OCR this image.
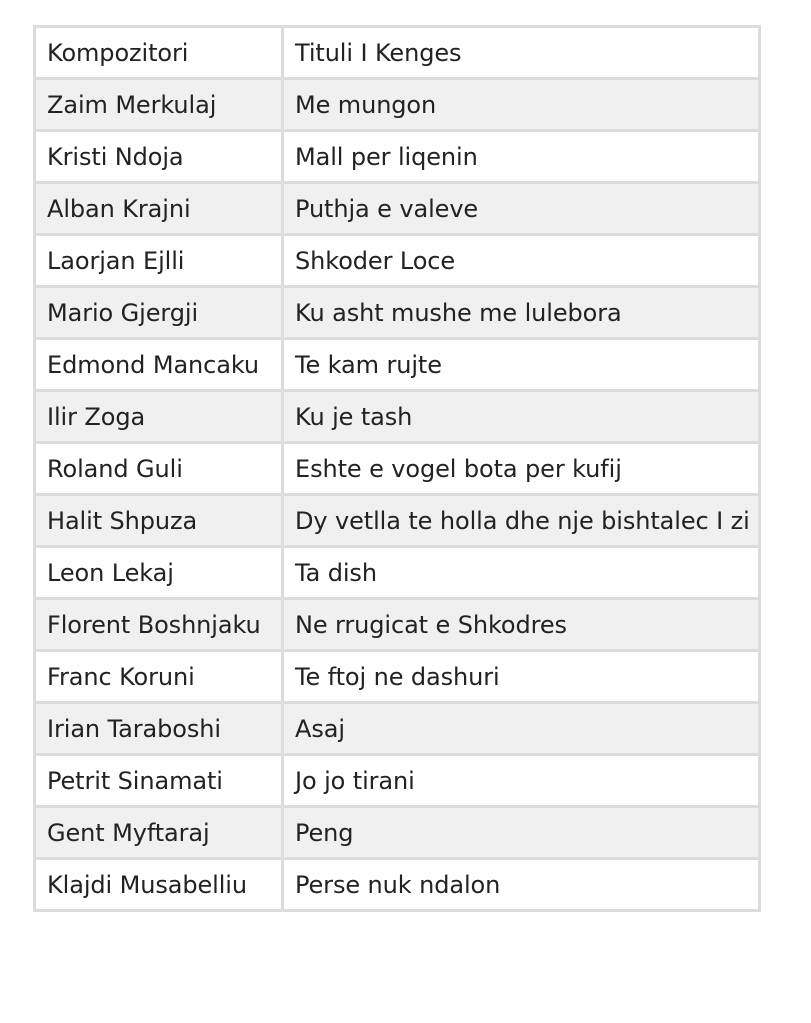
Kompozitori	Tituli I Kenges
Zaim Merkulaj	Me mungon
Kristi Ndoja	Mall per liqenin
Alban Krajni	Puthja e valeve
Laorjan Ejlli	Shkoder Loce
Mario Gjergji	Ku asht mushe me lulebora
Edmond Mancaku	Te kam rujte
Ilir Zoga	Ku je tash
Roland Guli	Eshte e vogel bota per kufij
Halit Shpuza	Dy vetlla te holla dhe nje bishtalec I zi
Leon Lekaj	Ta dish
Florent Boshnjaku	Ne rrugicat e Shkodres
Franc Koruni	Te ftoj ne dashuri
Irian Taraboshi	Asaj
Petrit Sinamati	Jo jo tirani
Gent Myftaraj	Peng
Klajdi Musabelliu	Perse nuk ndalon
